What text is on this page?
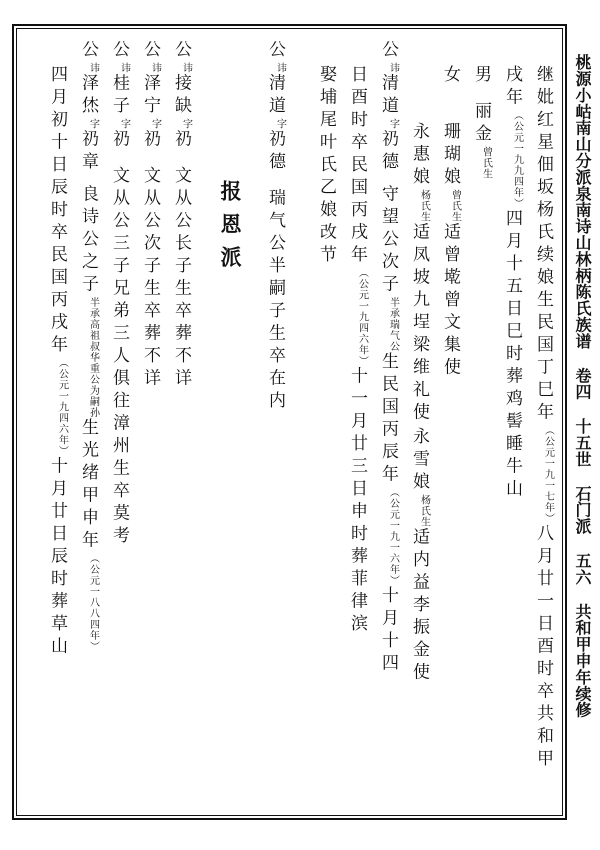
桃源小岵南山分派泉南诗山林柄陈氏族谱卷四十五世石门派五六共和甲申年续修
继妣红星佃坂杨氏续娘生民国丁巳年（公元一九一七年）八月廿一日酉时卒共和甲
戌年（公元一九九四年）四月十五日巳时葬鸡髻睡牛山
男丽金曾氏生
女
珊瑚娘曾氏生适曾墘曾文集使
永雪娘杨氏生适内益李振金使
永惠娘杨氏生适凤坡九埕梁维礼使
公讳清道字礽德守望公次子半承瑞气公生民国丙辰年（公元一九一六年）十月十四
日酉时卒民国丙戌年（公元一九四六年）十一月廿三日申时葬菲律滨
娶埔尾叶氏乙娘改节
公讳清道字礽德瑞气公半嗣子生卒在内
报恩派
公讳接缺字礽文从公长子生卒葬不详
公讳泽宁字礽文从公次子生卒葬不详
公讳桂子字礽文从公三子兄弟三人俱往漳州生卒莫考
公讳泽烋字礽章良诗公之子半承高祖叔华重公为嗣孙生光绪甲申年（公元一八八四年）
四月初十日辰时卒民国丙戌年（公元一九四六年）十月廿日辰时葬草山
